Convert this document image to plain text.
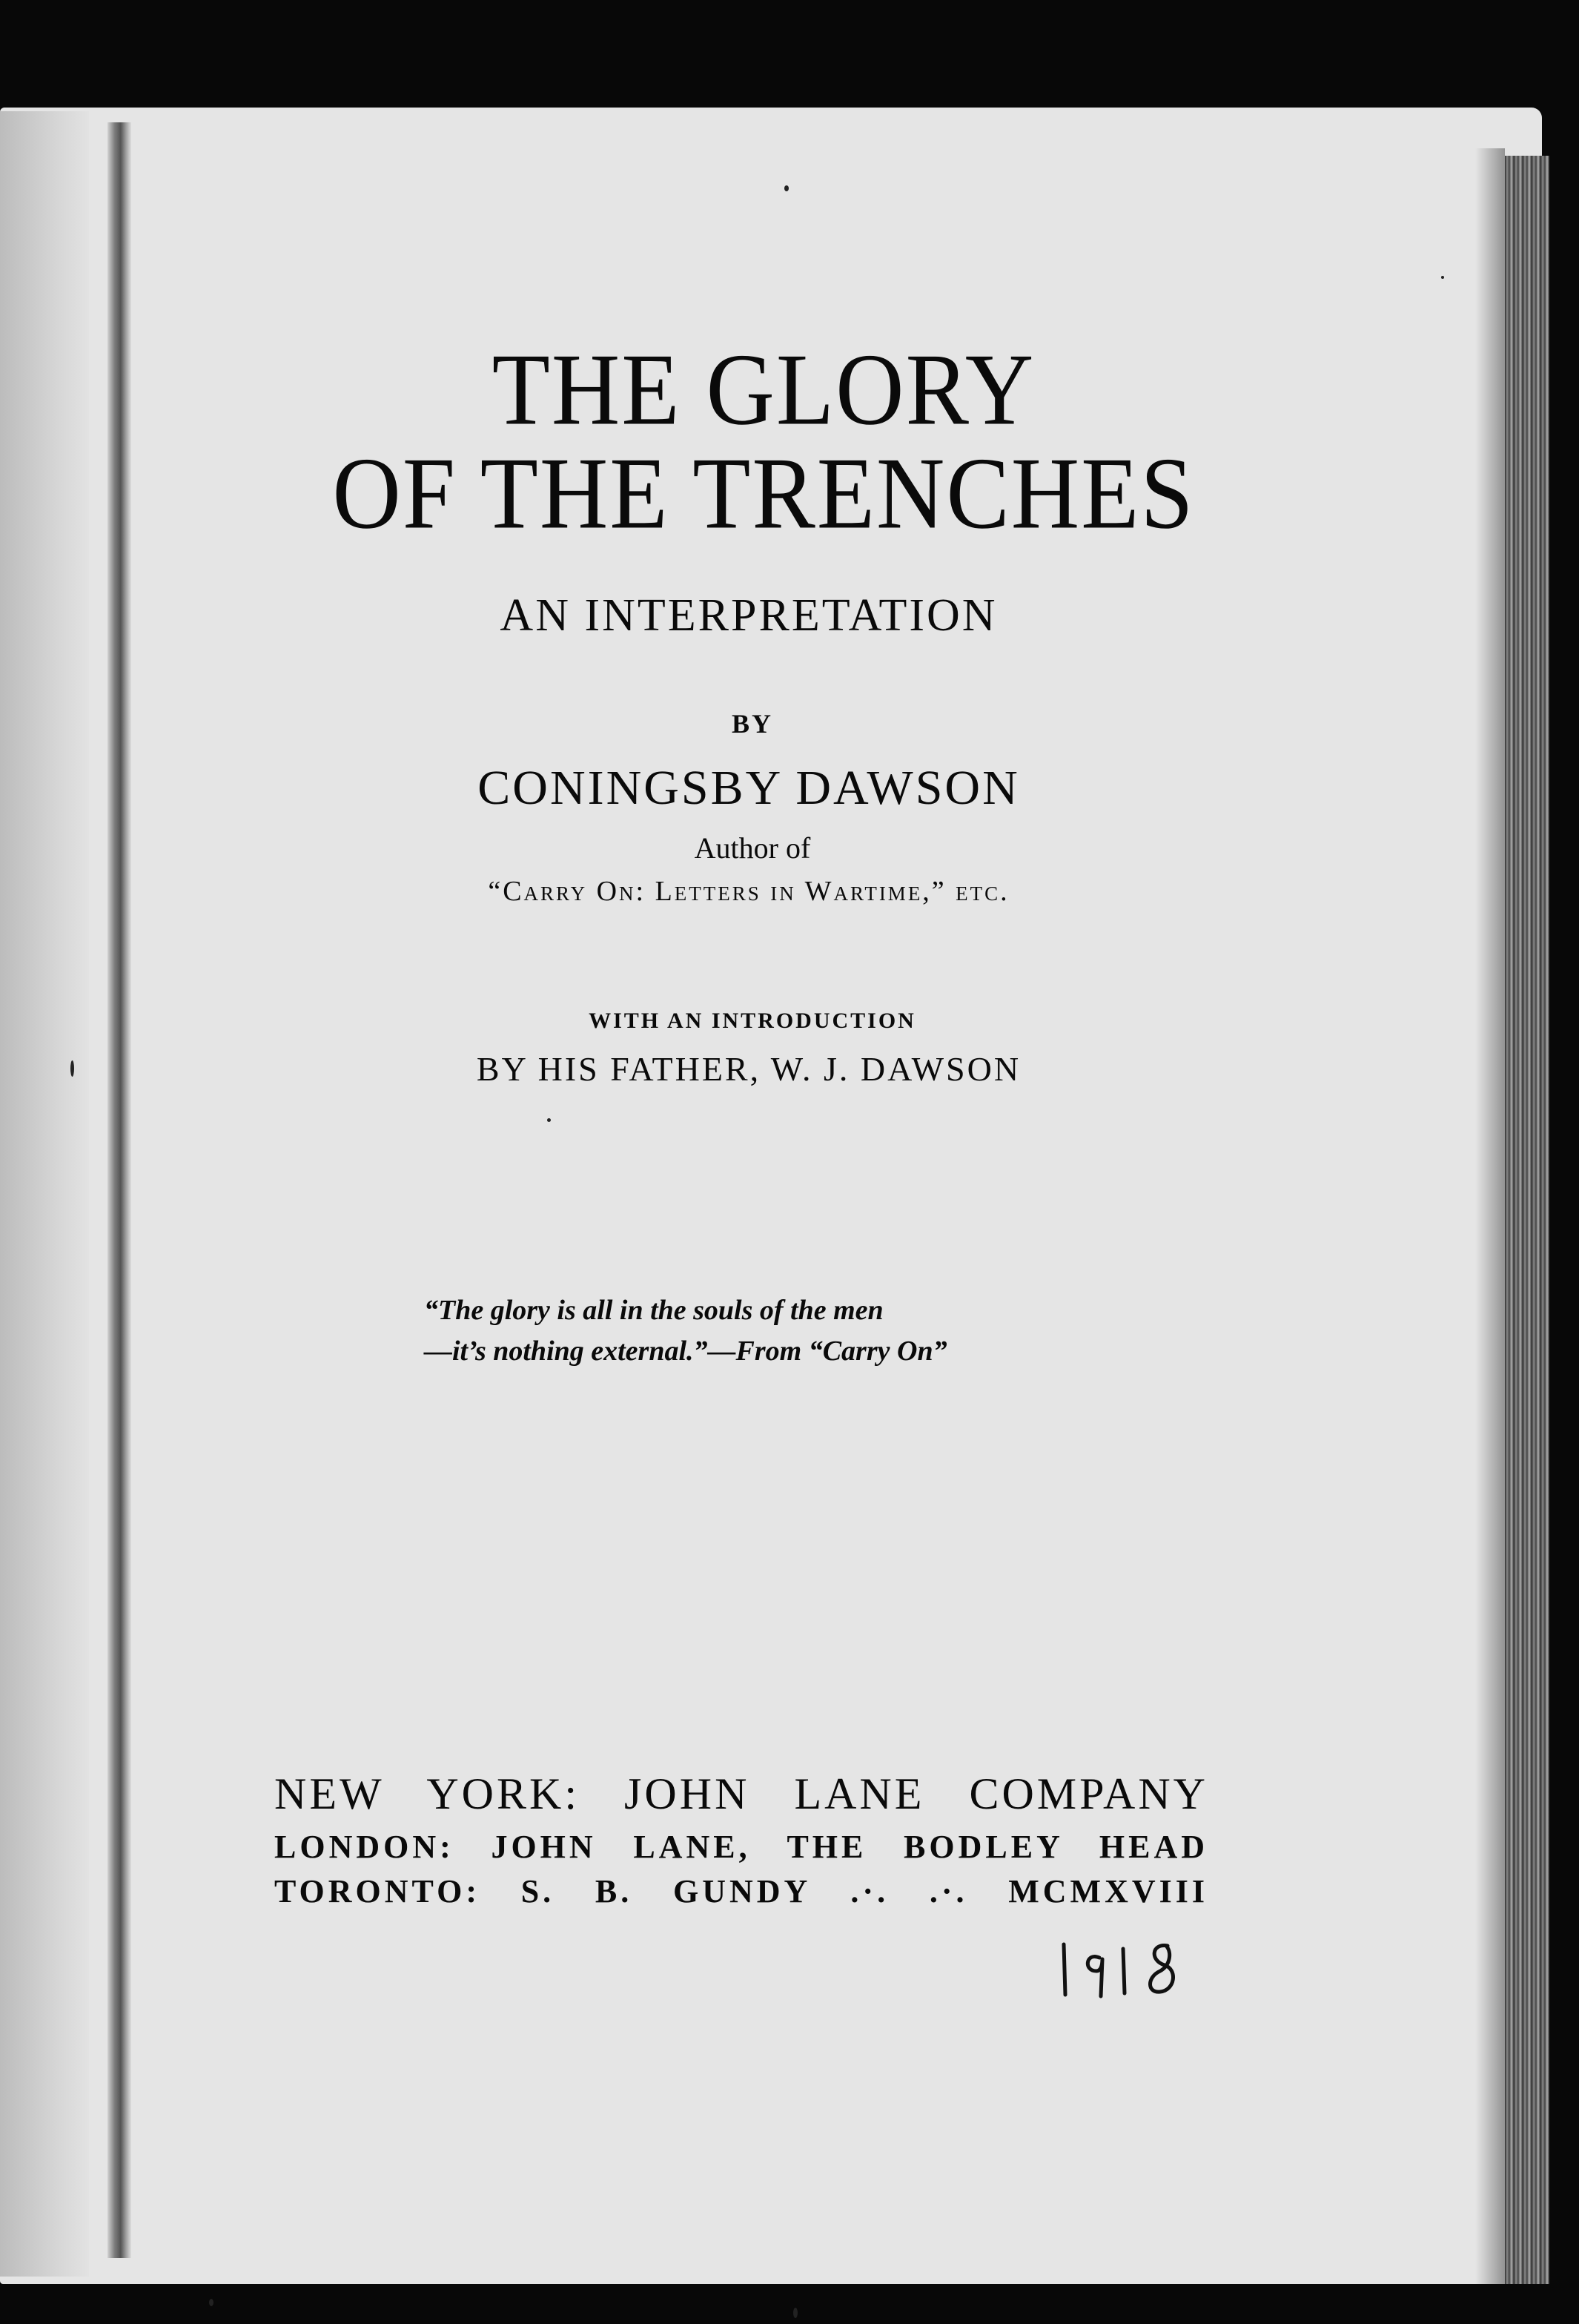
THE GLORY
OF THE TRENCHES
AN INTERPRETATION
BY
CONINGSBY DAWSON
Author of
“Carry On: Letters in Wartime,” etc.
WITH AN INTRODUCTION
BY HIS FATHER, W. J. DAWSON
“The glory is all in the souls of the men
—it’s nothing external.”—From “Carry On”
NEW YORK: JOHN LANE COMPANY
LONDON: JOHN LANE, THE BODLEY HEAD
TORONTO: S. B. GUNDY .·. .·. MCMXVIII
